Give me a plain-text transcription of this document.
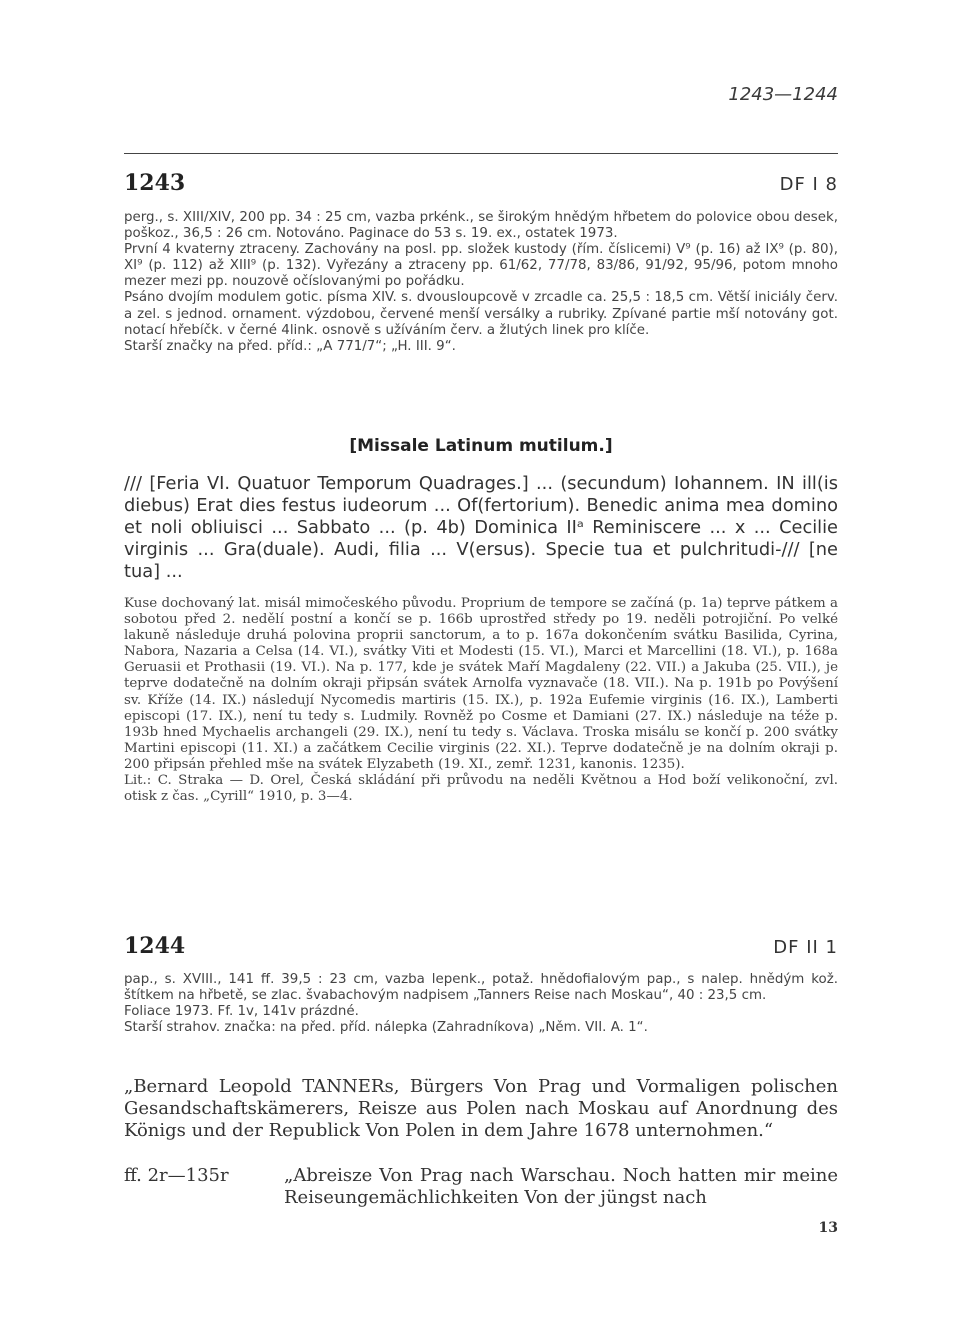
1243—1244
1243	DF I 8

perg., s. XIII/XIV, 200 pp. 34 : 25 cm, vazba prkénk., se širokým hnědým hřbetem do polovice obou desek, poškoz., 36,5 : 26 cm. Notováno. Paginace do 53 s. 19. ex., ostatek 1973.

První 4 kvaterny ztraceny. Zachovány na posl. pp. složek kustody (řím. číslicemi) V⁹ (p. 16) až IX⁹ (p. 80), XI⁹ (p. 112) až XIII⁹ (p. 132). Vyřezány a ztraceny pp. 61/62, 77/78, 83/86, 91/92, 95/96, potom mnoho mezer mezi pp. nouzově očíslovanými po pořádku.

Psáno dvojím modulem gotic. písma XIV. s. dvousloupcově v zrcadle ca. 25,5 : 18,5 cm. Větší iniciály červ. a zel. s jednod. ornament. výzdobou, červené menší versálky a rubriky. Zpívané partie mší notovány got. notací hřebíčk. v černé 4link. osnově s užíváním červ. a žlutých linek pro klíče.

Starší značky na před. příd.: „A 771/7“; „H. III. 9“.

[Missale Latinum mutilum.]

/// [Feria VI. Quatuor Temporum Quadrages.] ... (secundum) Iohannem. IN ill(is diebus) Erat dies festus iudeorum ... Of(fertorium). Benedic anima mea domino et noli obliuisci ... Sabbato ... (p. 4b) Dominica IIᵃ Reminiscere ... x ... Cecilie virginis ... Gra(duale). Audi, filia ... V(ersus). Specie tua et pulchritudi-/// [ne tua] ...

Kuse dochovaný lat. misál mimočeského původu. Proprium de tempore se začíná (p. 1a) teprve pátkem a sobotou před 2. nedělí postní a končí se p. 166b uprostřed středy po 19. neděli potrojiční. Po velké lakuně následuje druhá polovina proprii sanctorum, a to p. 167a dokončením svátku Basilida, Cyrina, Nabora, Nazaria a Celsa (14. VI.), svátky Viti et Modesti (15. VI.), Marci et Marcellini (18. VI.), p. 168a Geruasii et Prothasii (19. VI.). Na p. 177, kde je svátek Maří Magdaleny (22. VII.) a Jakuba (25. VII.), je teprve dodatečně na dolním okraji připsán svátek Arnolfa vyznavače (18. VII.). Na p. 191b po Povýšení sv. Kříže (14. IX.) následují Nycomedis martiris (15. IX.), p. 192a Eufemie virginis (16. IX.), Lamberti episcopi (17. IX.), není tu tedy s. Ludmily. Rovněž po Cosme et Damiani (27. IX.) následuje na téže p. 193b hned Mychaelis archangeli (29. IX.), není tu tedy s. Václava. Troska misálu se končí p. 200 svátky Martini episcopi (11. XI.) a začátkem Cecilie virginis (22. XI.). Teprve dodatečně je na dolním okraji p. 200 připsán přehled mše na svátek Elyzabeth (19. XI., zemř. 1231, kanonis. 1235).

Lit.: C. Straka — D. Orel, Česká skládání při průvodu na neděli Květnou a Hod boží velikonoční, zvl. otisk z čas. „Cyrill“ 1910, p. 3—4.

1244	DF II 1

pap., s. XVIII., 141 ff. 39,5 : 23 cm, vazba lepenk., potaž. hnědofialovým pap., s nalep. hnědým kož. štítkem na hřbetě, se zlac. švabachovým nadpisem „Tanners Reise nach Moskau“, 40 : 23,5 cm.

Foliace 1973. Ff. 1v, 141v prázdné.

Starší strahov. značka: na před. příd. nálepka (Zahradníkova) „Něm. VII. A. 1“.

„Bernard Leopold TANNERs, Bürgers Von Prag und Vormaligen polischen Gesandschaftskämerers, Reisze aus Polen nach Moskau auf Anordnung des Königs und der Republick Von Polen in dem Jahre 1678 unternohmen.“

ff. 2r—135r	„Abreisze Von Prag nach Warschau. Noch hatten mir meine Reiseungemächlichkeiten Von der jüngst nach
13
